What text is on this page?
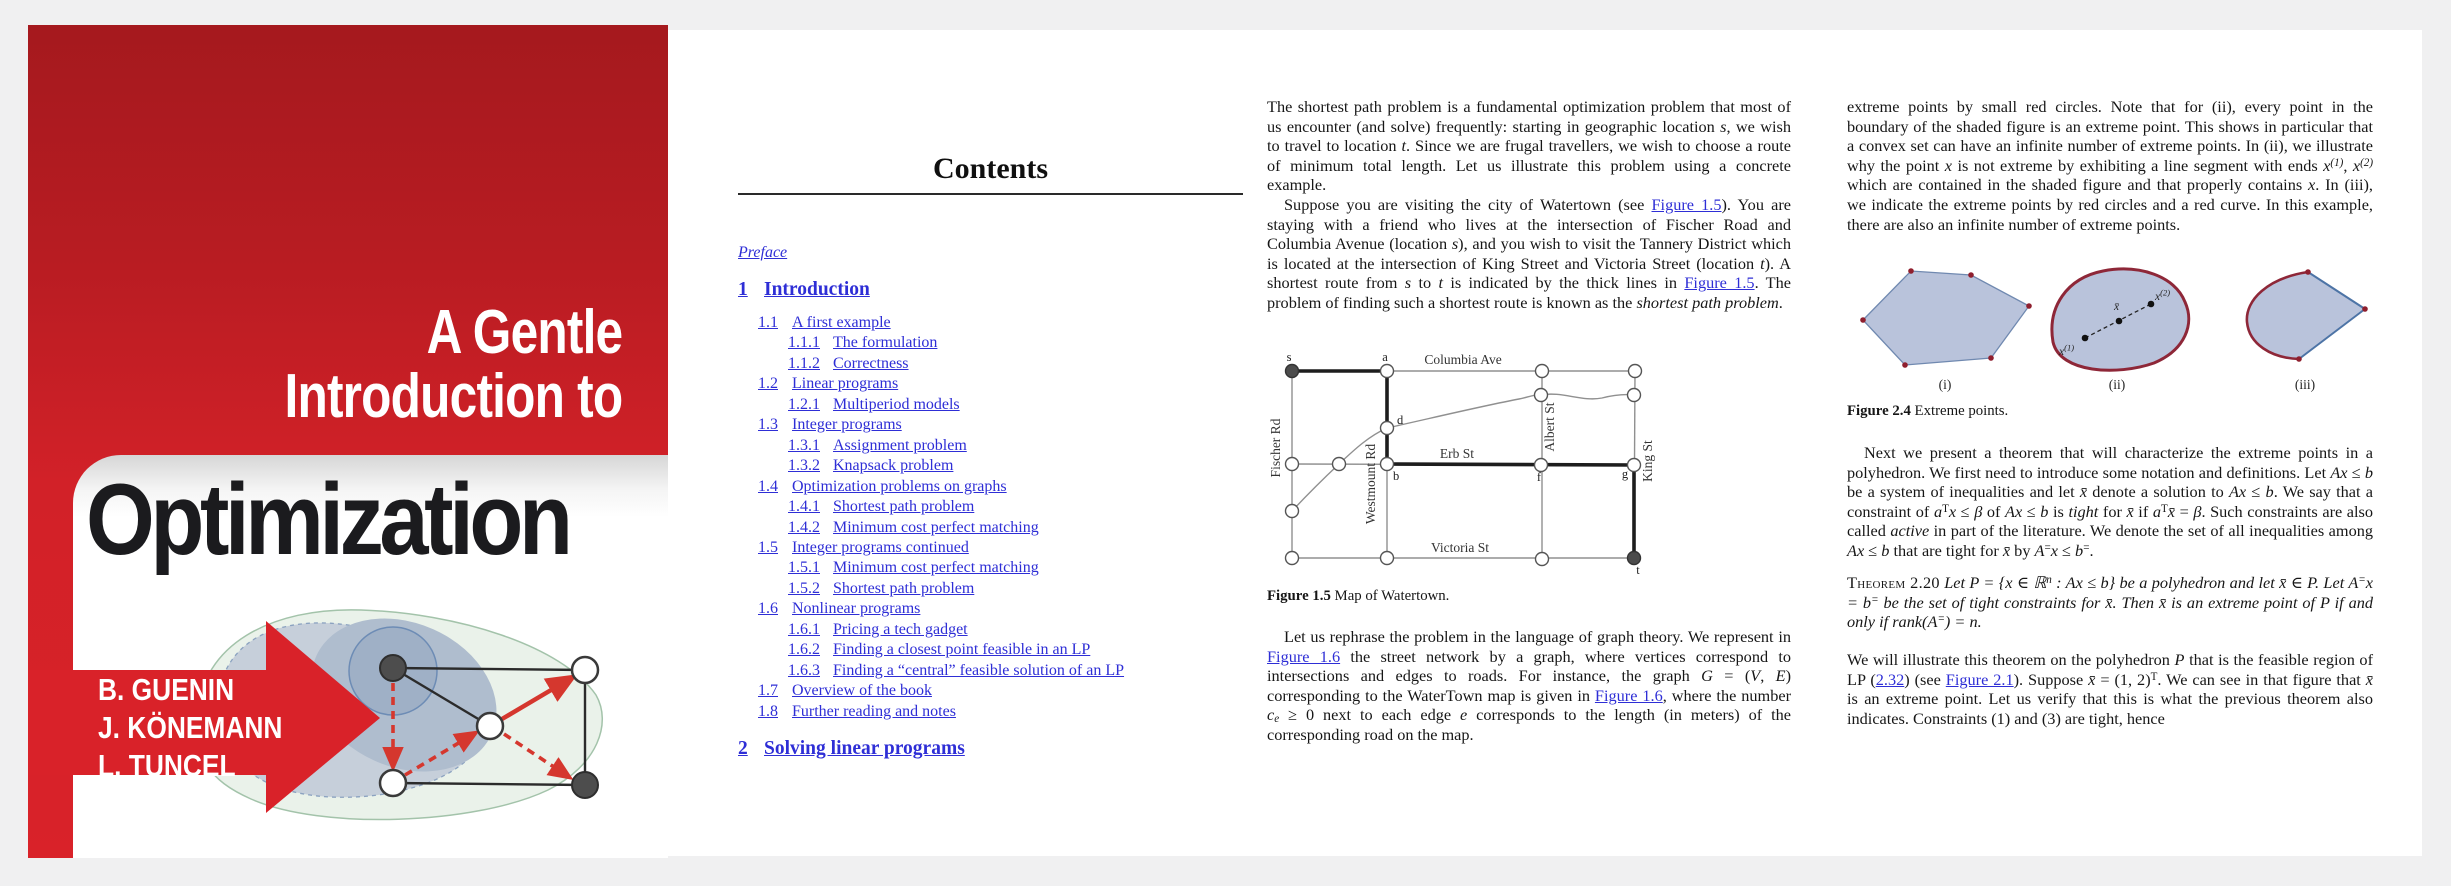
A Gentle
Introduction to
Optimization
B. GUENIN
J. KÖNEMANN
L. TUNÇEL
Contents
Preface
1 Introduction
1.1 A first example
1.1.1 The formulation
1.1.2 Correctness
1.2 Linear programs
1.2.1 Multiperiod models
1.3 Integer programs
1.3.1 Assignment problem
1.3.2 Knapsack problem
1.4 Optimization problems on graphs
1.4.1 Shortest path problem
1.4.2 Minimum cost perfect matching
1.5 Integer programs continued
1.5.1 Minimum cost perfect matching
1.5.2 Shortest path problem
1.6 Nonlinear programs
1.6.1 Pricing a tech gadget
1.6.2 Finding a closest point feasible in an LP
1.6.3 Finding a “central” feasible solution of an LP
1.7 Overview of the book
1.8 Further reading and notes
2 Solving linear programs

The shortest path problem is a fundamental optimization problem that most of us encounter (and solve) frequently: starting in geographic location s, we wish to travel to location t. Since we are frugal travellers, we wish to choose a route of minimum total length. Let us illustrate this problem using a concrete example.

Suppose you are visiting the city of Watertown (see Figure 1.5). You are staying with a friend who lives at the intersection of Fischer Road and Columbia Avenue (location s), and you wish to visit the Tannery District which is located at the intersection of King Street and Victoria Street (location t). A shortest route from s to t is indicated by the thick lines in Figure 1.5. The problem of finding such a shortest route is known as the shortest path problem.

Columbia Ave
Erb St
Victoria St
Fischer Rd	Westmount Rd
Albert St
King St
s	a
d
b	f	g
t
Figure 1.5 Map of Watertown.

Let us rephrase the problem in the language of graph theory. We represent in Figure 1.6 the street network by a graph, where vertices correspond to intersections and edges to roads. For instance, the graph G = (V, E) corresponding to the WaterTown map is given in Figure 1.6, where the number ce ≥ 0 next to each edge e corresponds to the length (in meters) of the corresponding road on the map.

extreme points by small red circles. Note that for (ii), every point in the boundary of the shaded figure is an extreme point. This shows in particular that a convex set can have an infinite number of extreme points. In (ii), we illustrate why the point x is not extreme by exhibiting a line segment with ends $x^{(1)}$, $x^{(2)}$ which are contained in the shaded figure and that properly contains x. In (iii), we indicate the extreme points by red circles and a red curve. In this example, there are also an infinite number of extreme points.

$x^{(1)}$
x̄
$x^{(2)}$
(i)	(ii)	(iii)
Figure 2.4 Extreme points.

Next we present a theorem that will characterize the extreme points in a polyhedron. We first need to introduce some notation and definitions. Let Ax ≤ b be a system of inequalities and let x̄ denote a solution to Ax ≤ b. We say that a constraint of $a^Tx \le \beta$ of Ax ≤ b is tight for x̄ if $a^Tx̄ = \beta$. Such constraints are also called active in part of the literature. We denote the set of all inequalities among Ax ≤ b that are tight for x̄ by A=x ≤ b=.

Theorem 2.20 Let P = {x ∈ ℝ$^n$ : Ax ≤ b} be a polyhedron and let x̄ ∈ P. Let A=x = b= be the set of tight constraints for x̄. Then x̄ is an extreme point of P if and only if rank(A=) = n.

We will illustrate this theorem on the polyhedron P that is the feasible region of LP (2.32) (see Figure 2.1). Suppose x̄ = (1, 2)$^T$. We can see in that figure that x̄ is an extreme point. Let us verify that this is what the previous theorem also indicates. Constraints (1) and (3) are tight, hence
